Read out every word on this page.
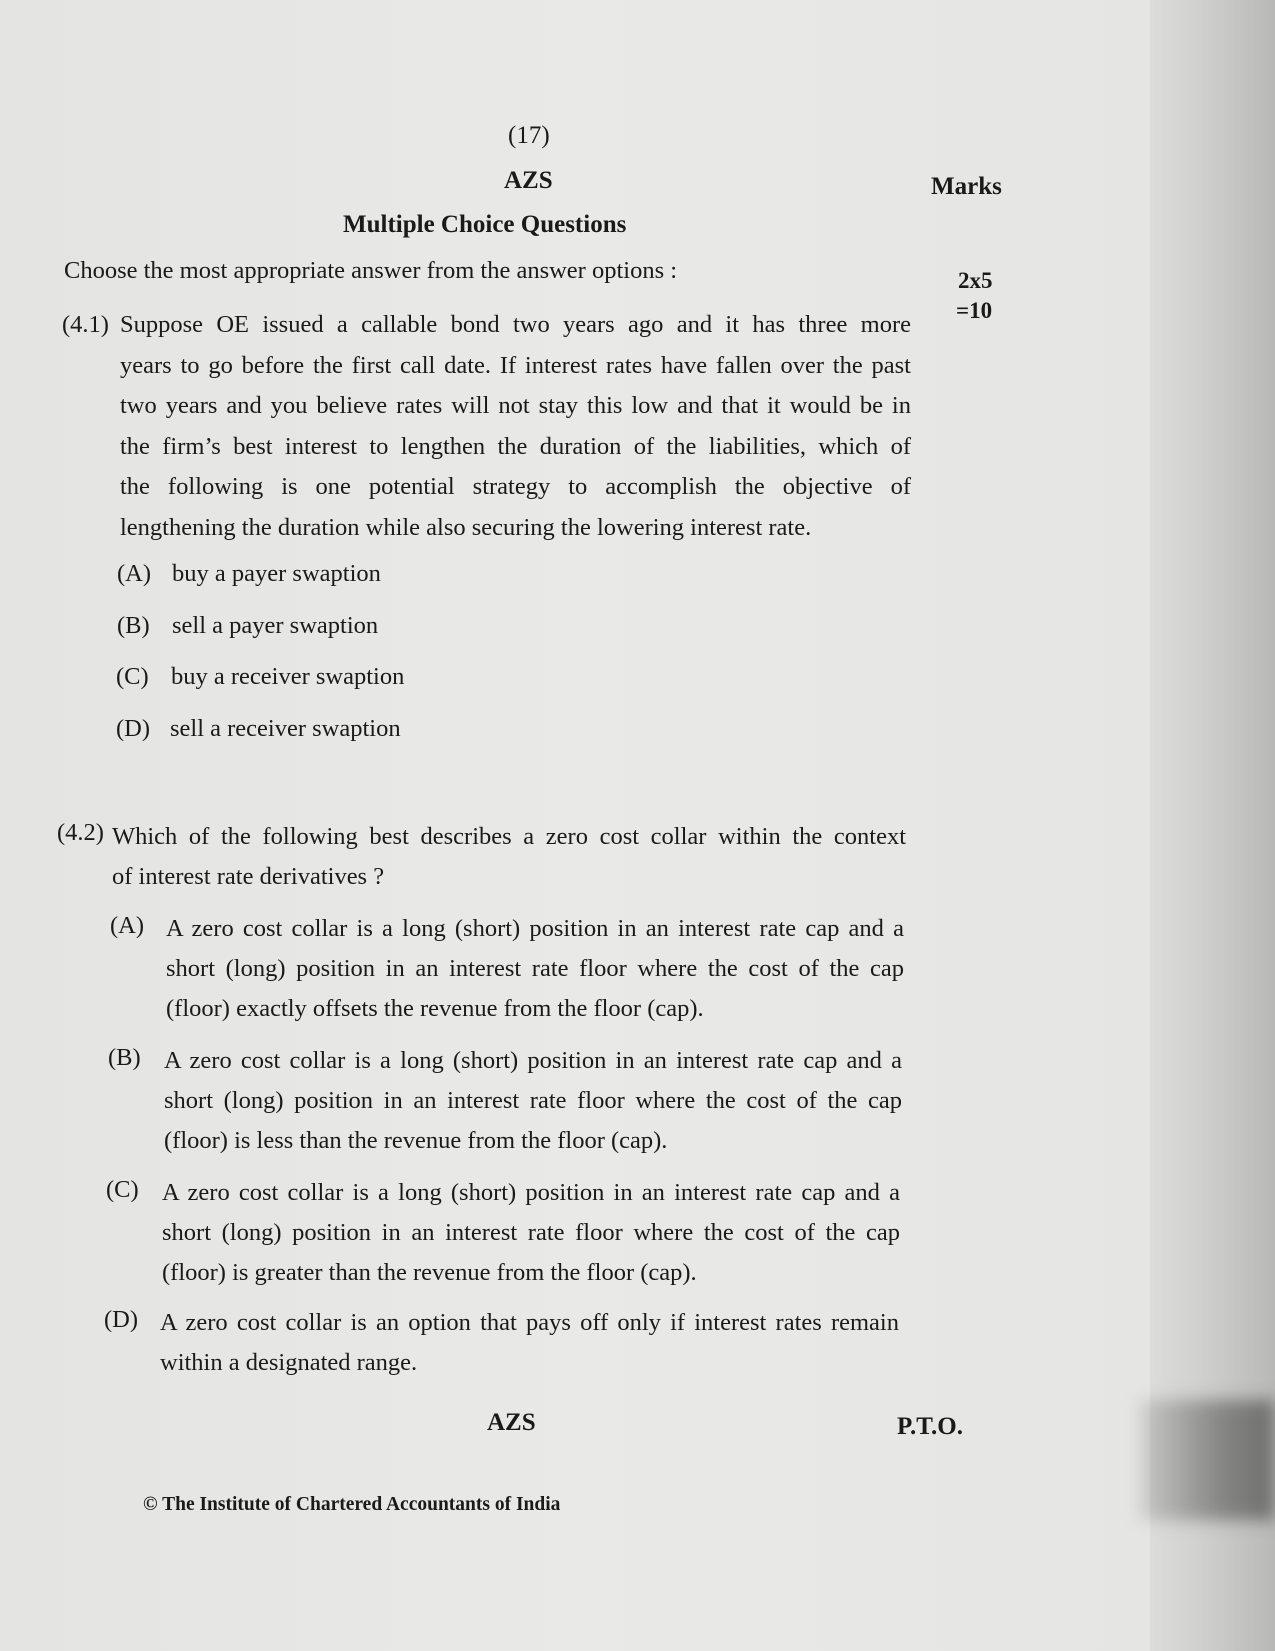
(17)
AZS	Marks
Multiple Choice Questions
Choose the most appropriate answer from the answer options :	2x5
=10
(4.1) Suppose OE issued a callable bond two years ago and it has three more
years to go before the first call date. If interest rates have fallen over the past
two years and you believe rates will not stay this low and that it would be in
the firm’s best interest to lengthen the duration of the liabilities, which of
the following is one potential strategy to accomplish the objective of
lengthening the duration while also securing the lowering interest rate.
(A) buy a payer swaption
(B) sell a payer swaption
(C) buy a receiver swaption
(D) sell a receiver swaption
(4.2) Which of the following best describes a zero cost collar within the context
of interest rate derivatives ?
(A) A zero cost collar is a long (short) position in an interest rate cap and a
short (long) position in an interest rate floor where the cost of the cap
(floor) exactly offsets the revenue from the floor (cap).
(B) A zero cost collar is a long (short) position in an interest rate cap and a
short (long) position in an interest rate floor where the cost of the cap
(floor) is less than the revenue from the floor (cap).
(C) A zero cost collar is a long (short) position in an interest rate cap and a
short (long) position in an interest rate floor where the cost of the cap
(floor) is greater than the revenue from the floor (cap).
(D) A zero cost collar is an option that pays off only if interest rates remain
within a designated range.
AZS	P.T.O.
© The Institute of Chartered Accountants of India
